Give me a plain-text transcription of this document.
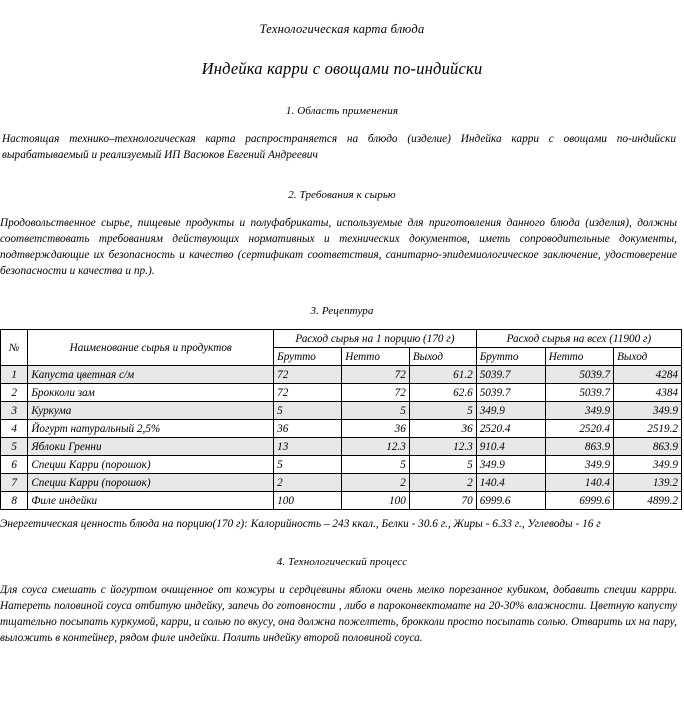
Технологическая карта блюда
Индейка карри с овощами по-индийски
1. Область применения
Настоящая технико–технологическая карта распространяется на блюдо (изделие) Индейка карри с овощами по-индийски вырабатываемый и реализуемый ИП Васюков Евгений Андреевич
2. Требования к сырью
Продовольственное сырье, пищевые продукты и полуфабрикаты, используемые для приготовления данного блюда (изделия), должны соответствовать требованиям действующих нормативных и технических документов, иметь сопроводительные документы, подтверждающие их безопасность и качество (сертификат соответствия, санитарно-эпидемиологическое заключение, удостоверение безопасности и качества и пр.).
3. Рецептура
№	Наименование сырья и продуктов	Расход сырья на 1 порцию (170 г)			Расход сырья на всех (11900 г)		
		Брутто	Нетто	Выход	Брутто	Нетто	Выход
1	Капуста цветная с/м	72	72	61.2	5039.7	5039.7	4284
2	Брокколи зам	72	72	62.6	5039.7	5039.7	4384
3	Куркума	5	5	5	349.9	349.9	349.9
4	Йогурт натуральный 2,5%	36	36	36	2520.4	2520.4	2519.2
5	Яблоки Гренни	13	12.3	12.3	910.4	863.9	863.9
6	Специи Карри (порошок)	5	5	5	349.9	349.9	349.9
7	Специи Карри (порошок)	2	2	2	140.4	140.4	139.2
8	Филе индейки	100	100	70	6999.6	6999.6	4899.2
Энергетическая ценность блюда на порцию(170 г): Калорийность – 243 ккал., Белки - 30.6 г., Жиры - 6.33 г., Углеводы - 16 г
4. Технологический процесс
Для соуса смешать с йогуртом очищенное от кожуры и сердцевины яблоки очень мелко порезанное кубиком, добавить специи каррри. Натереть половиной соуса отбитую индейку, запечь до готовности , либо в пароконвектомате на 20-30% влажности. Цветную капусту тщательно посыпать куркумой, карри, и солью по вкусу, она должна пожелтеть, брокколи просто посыпать солью. Отварить их на пару, выложить в контейнер, рядом филе индейки. Полить индейку второй половиной соуса.
